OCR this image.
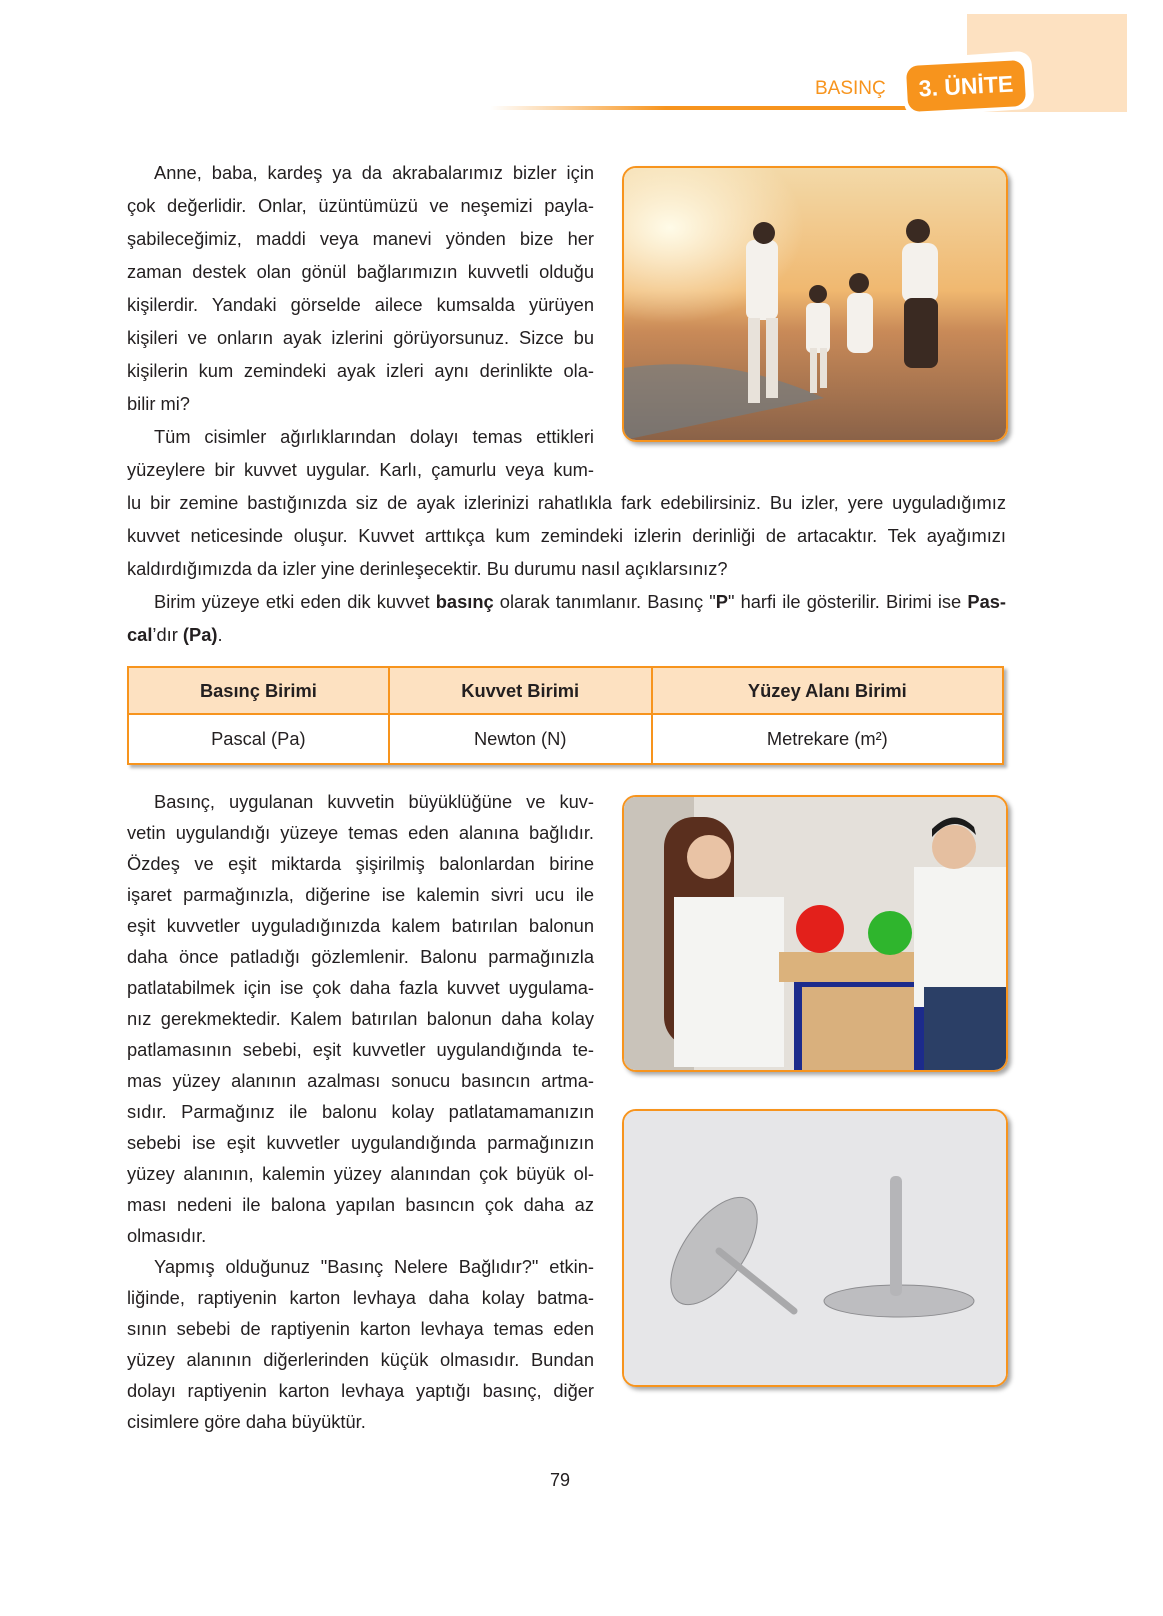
BASINÇ	3. ÜNİTE
Anne, baba, kardeş ya da akrabalarımız bizler için
çok değerlidir. Onlar, üzüntümüzü ve neşemizi payla-
şabileceğimiz, maddi veya manevi yönden bize her
zaman destek olan gönül bağlarımızın kuvvetli olduğu
kişilerdir. Yandaki görselde ailece kumsalda yürüyen
kişileri ve onların ayak izlerini görüyorsunuz. Sizce bu
kişilerin kum zemindeki ayak izleri aynı derinlikte ola-
bilir mi?
Tüm cisimler ağırlıklarından dolayı temas ettikleri
yüzeylere bir kuvvet uygular. Karlı, çamurlu veya kum-
lu bir zemine bastığınızda siz de ayak izlerinizi rahatlıkla fark edebilirsiniz. Bu izler, yere uyguladığımız
kuvvet neticesinde oluşur. Kuvvet arttıkça kum zemindeki izlerin derinliği de artacaktır. Tek ayağımızı
kaldırdığımızda da izler yine derinleşecektir. Bu durumu nasıl açıklarsınız?
Birim yüzeye etki eden dik kuvvet basınç olarak tanımlanır. Basınç "P" harfi ile gösterilir. Birimi ise Pas-
cal’dır (Pa).
Basınç Birimi	Kuvvet Birimi	Yüzey Alanı Birimi
Pascal (Pa)	Newton (N)	Metrekare (m²)
Basınç, uygulanan kuvvetin büyüklüğüne ve kuv-
vetin uygulandığı yüzeye temas eden alanına bağlıdır.
Özdeş ve eşit miktarda şişirilmiş balonlardan birine
işaret parmağınızla, diğerine ise kalemin sivri ucu ile
eşit kuvvetler uyguladığınızda kalem batırılan balonun
daha önce patladığı gözlemlenir. Balonu parmağınızla
patlatabilmek için ise çok daha fazla kuvvet uygulama-
nız gerekmektedir. Kalem batırılan balonun daha kolay
patlamasının sebebi, eşit kuvvetler uygulandığında te-
mas yüzey alanının azalması sonucu basıncın artma-
sıdır. Parmağınız ile balonu kolay patlatamamanızın
sebebi ise eşit kuvvetler uygulandığında parmağınızın
yüzey alanının, kalemin yüzey alanından çok büyük ol-
ması nedeni ile balona yapılan basıncın çok daha az
olmasıdır.
Yapmış olduğunuz "Basınç Nelere Bağlıdır?" etkin-
liğinde, raptiyenin karton levhaya daha kolay batma-
sının sebebi de raptiyenin karton levhaya temas eden
yüzey alanının diğerlerinden küçük olmasıdır. Bundan
dolayı raptiyenin karton levhaya yaptığı basınç, diğer
cisimlere göre daha büyüktür.
79
